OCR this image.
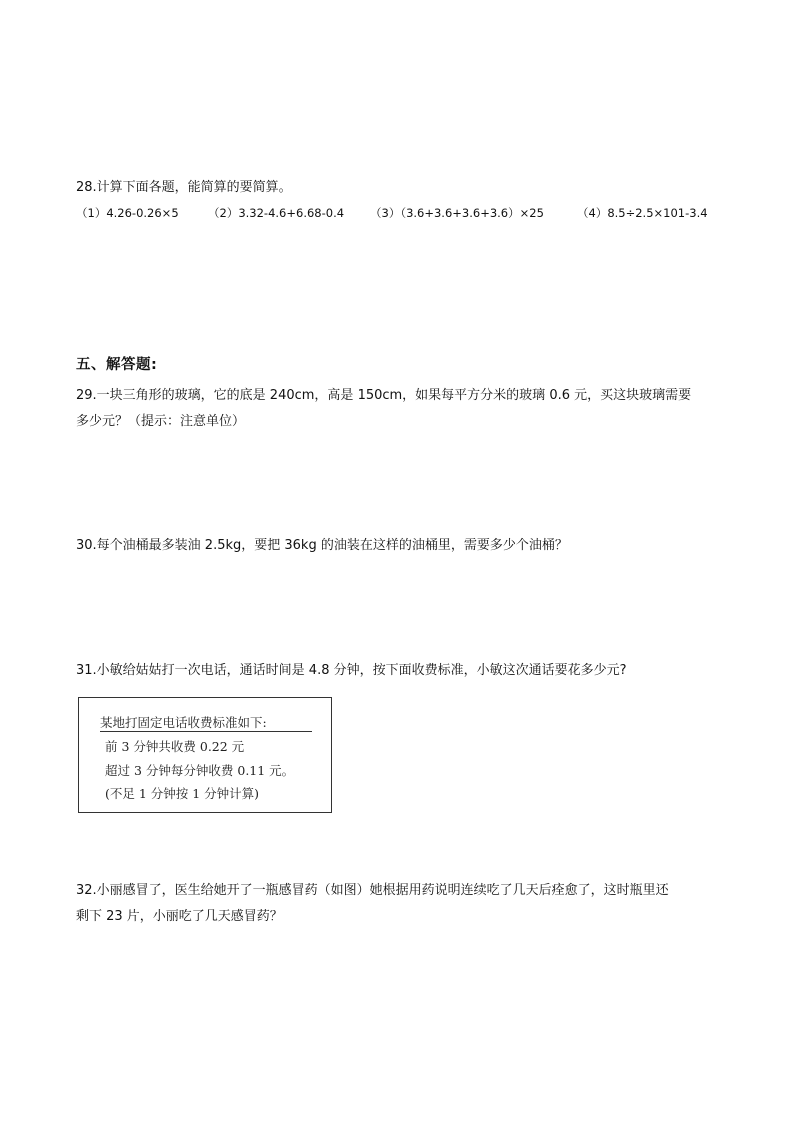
28.计算下面各题，能简算的要简算。
（1）4.26-0.26×5	（2）3.32-4.6+6.68-0.4 （3）（3.6+3.6+3.6+3.6）×25	（4）8.5÷2.5×101-3.4
五、解答题:
29.一块三角形的玻璃，它的底是 240cm，高是 150cm，如果每平方分米的玻璃 0.6 元，买这块玻璃需要
多少元？（提示：注意单位）
30.每个油桶最多装油 2.5kg，要把 36kg 的油装在这样的油桶里，需要多少个油桶？
31.小敏给姑姑打一次电话，通话时间是 4.8 分钟，按下面收费标准，小敏这次通话要花多少元?
某地打固定电话收费标准如下:
前 3 分钟共收费 0.22 元
超过 3 分钟每分钟收费 0.11 元。
(不足 1 分钟按 1 分钟计算)
32.小丽感冒了，医生给她开了一瓶感冒药（如图）她根据用药说明连续吃了几天后痊愈了，这时瓶里还
剩下 23 片，小丽吃了几天感冒药？
